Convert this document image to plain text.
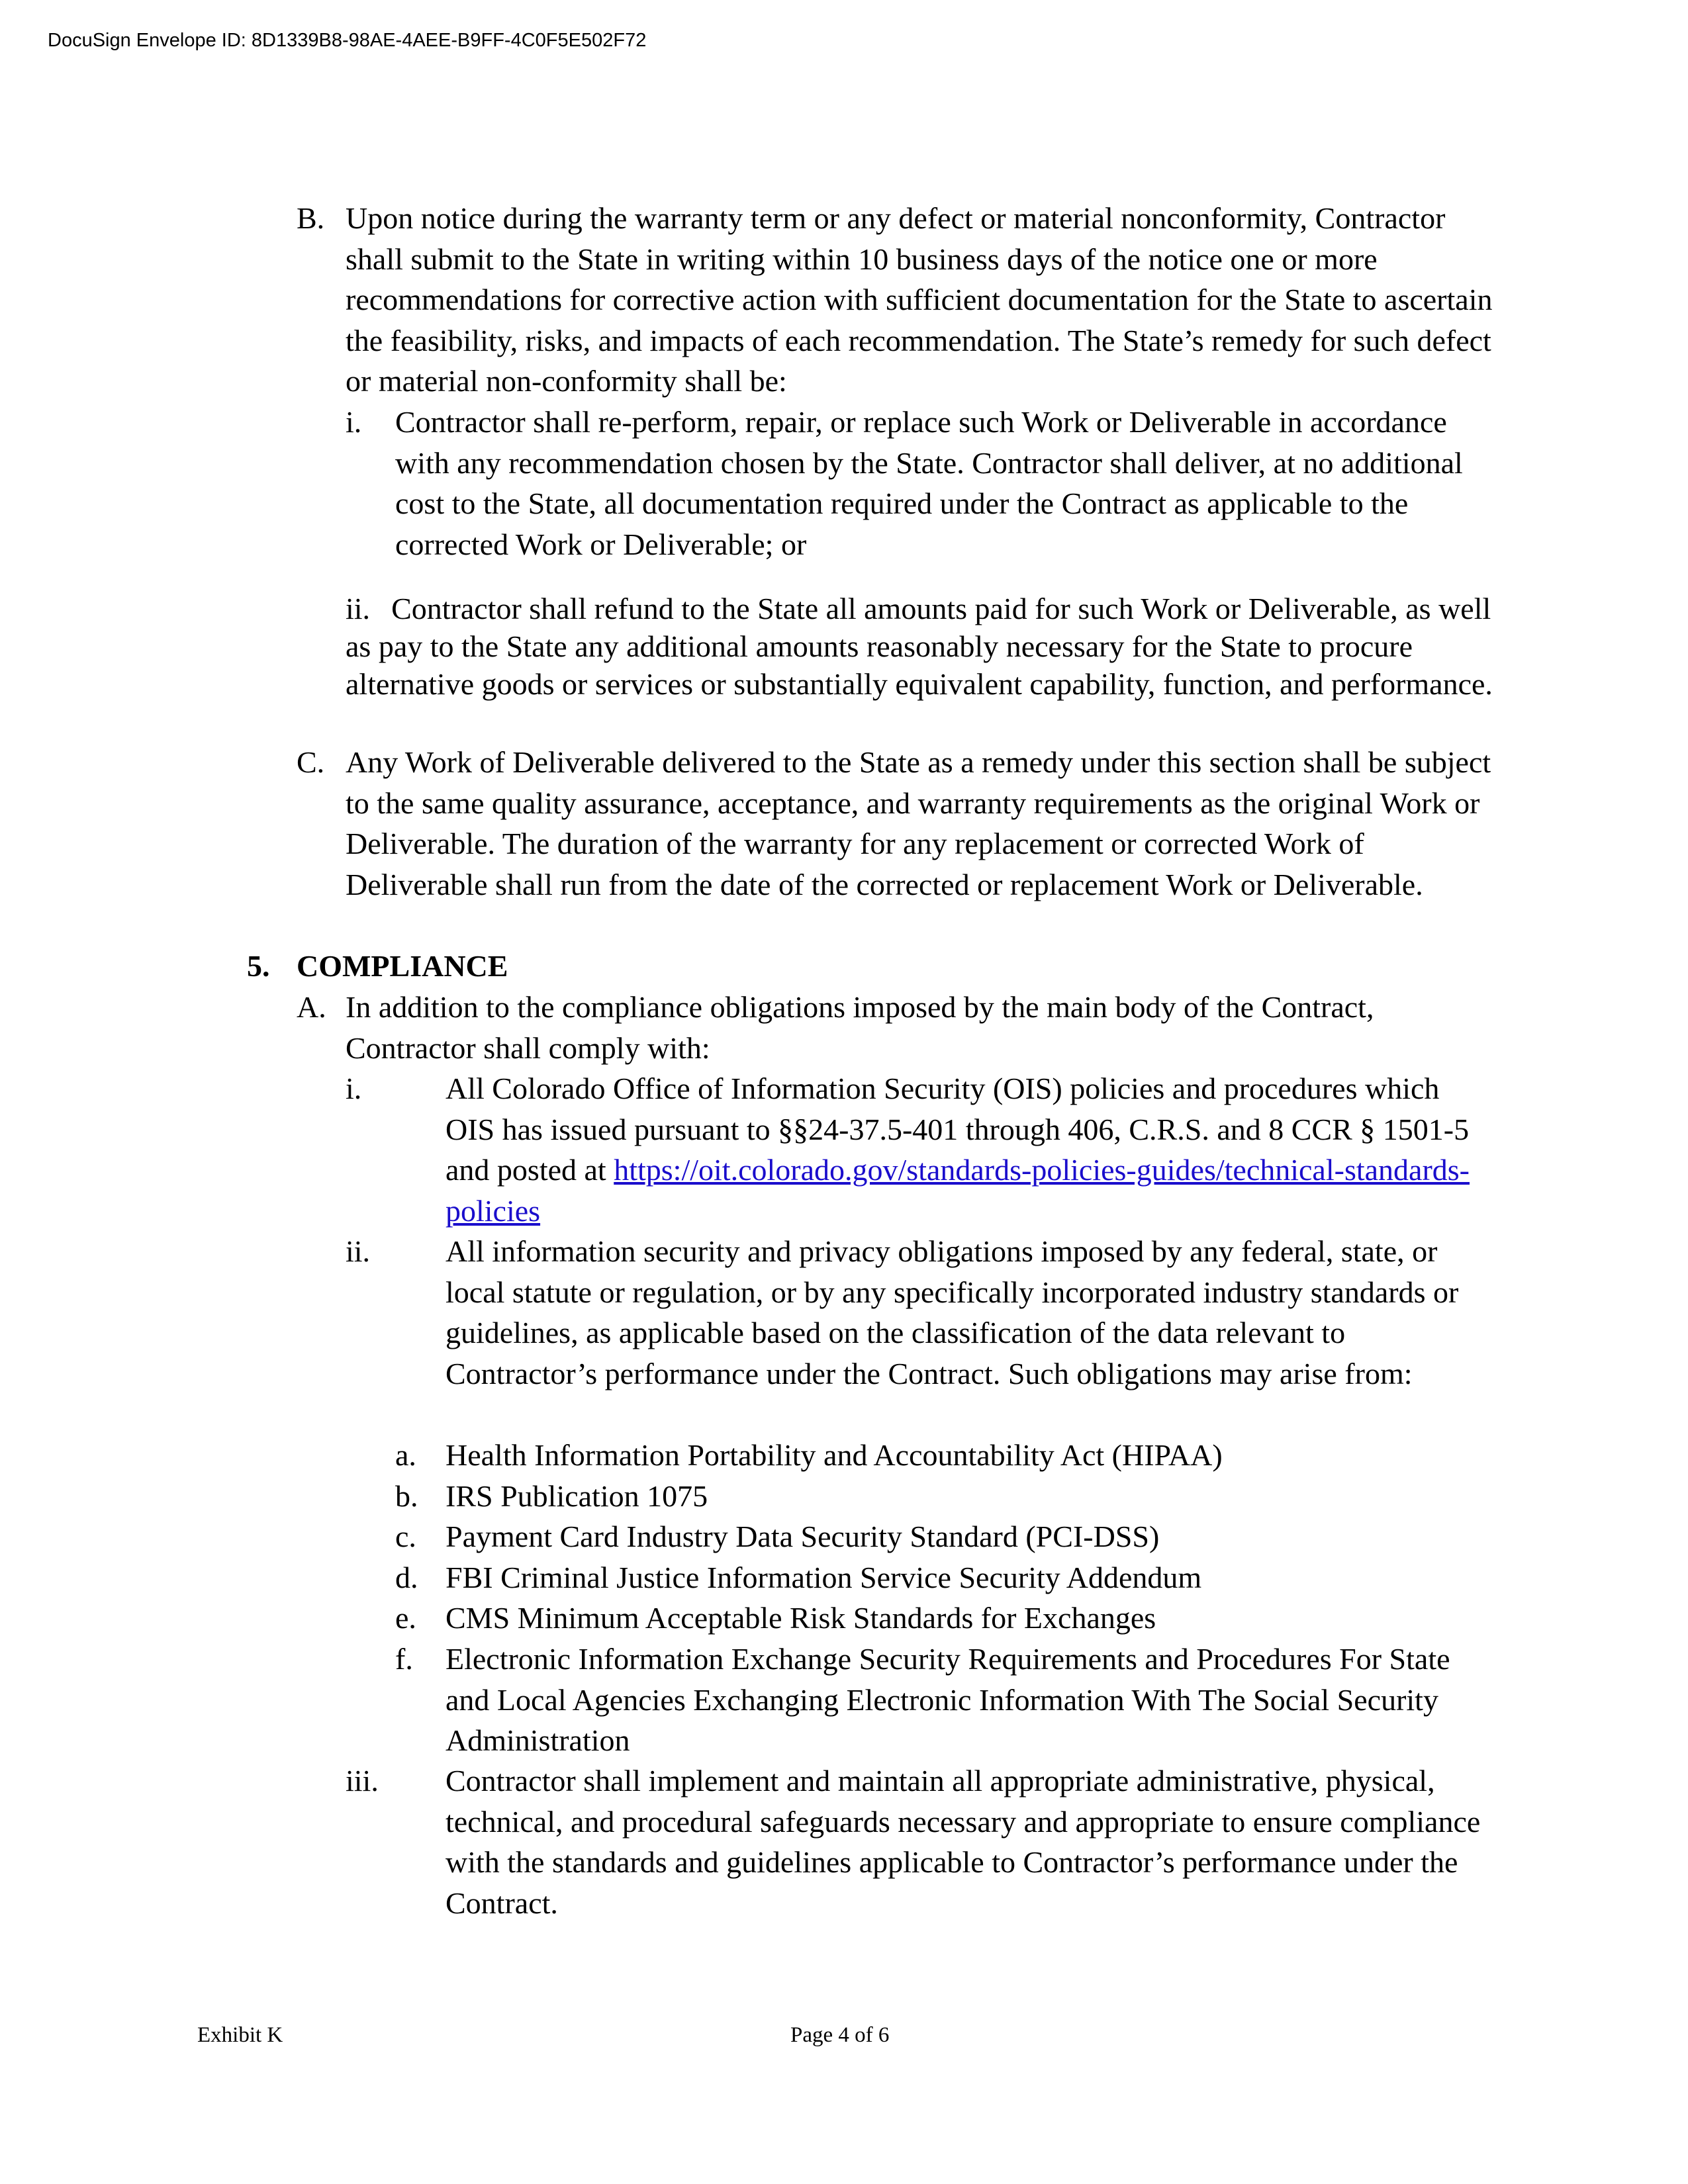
DocuSign Envelope ID: 8D1339B8-98AE-4AEE-B9FF-4C0F5E502F72
B. Upon notice during the warranty term or any defect or material nonconformity, Contractor shall submit to the State in writing within 10 business days of the notice one or more recommendations for corrective action with sufficient documentation for the State to ascertain the feasibility, risks, and impacts of each recommendation. The State’s remedy for such defect or material non-conformity shall be:
i. Contractor shall re-perform, repair, or replace such Work or Deliverable in accordance with any recommendation chosen by the State. Contractor shall deliver, at no additional cost to the State, all documentation required under the Contract as applicable to the corrected Work or Deliverable; or
ii. Contractor shall refund to the State all amounts paid for such Work or Deliverable, as well as pay to the State any additional amounts reasonably necessary for the State to procure alternative goods or services or substantially equivalent capability, function, and performance.
C. Any Work of Deliverable delivered to the State as a remedy under this section shall be subject to the same quality assurance, acceptance, and warranty requirements as the original Work or Deliverable. The duration of the warranty for any replacement or corrected Work of Deliverable shall run from the date of the corrected or replacement Work or Deliverable.
5. COMPLIANCE
A. In addition to the compliance obligations imposed by the main body of the Contract, Contractor shall comply with:
i.	All Colorado Office of Information Security (OIS) policies and procedures which OIS has issued pursuant to §§24-37.5-401 through 406, C.R.S. and 8 CCR § 1501-5 and posted at https://oit.colorado.gov/standards-policies-guides/technical-standards-policies
ii. All information security and privacy obligations imposed by any federal, state, or local statute or regulation, or by any specifically incorporated industry standards or guidelines, as applicable based on the classification of the data relevant to Contractor’s performance under the Contract. Such obligations may arise from:
a. Health Information Portability and Accountability Act (HIPAA)
b. IRS Publication 1075
c. Payment Card Industry Data Security Standard (PCI-DSS)
d. FBI Criminal Justice Information Service Security Addendum
e. CMS Minimum Acceptable Risk Standards for Exchanges
f. Electronic Information Exchange Security Requirements and Procedures For State and Local Agencies Exchanging Electronic Information With The Social Security Administration
iii. Contractor shall implement and maintain all appropriate administrative, physical, technical, and procedural safeguards necessary and appropriate to ensure compliance with the standards and guidelines applicable to Contractor’s performance under the Contract.
Exhibit K	Page 4 of 6
